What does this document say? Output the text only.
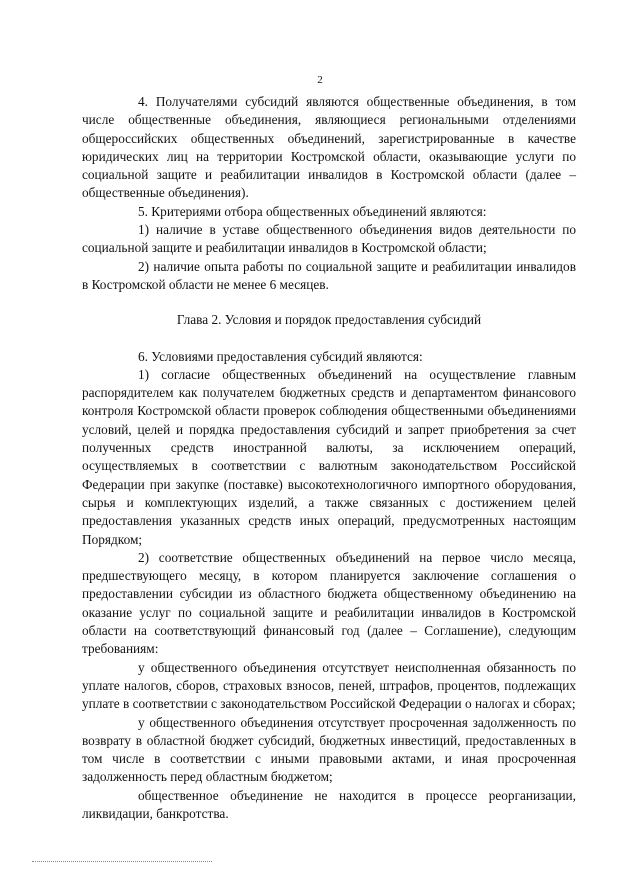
2

4. Получателями субсидий являются общественные объединения, в том числе общественные объединения, являющиеся региональными отделениями общероссийских общественных объединений, зарегистрированные в качестве юридических лиц на территории Костромской области, оказывающие услуги по социальной защите и реабилитации инвалидов в Костромской области (далее – общественные объединения).

5. Критериями отбора общественных объединений являются:

1) наличие в уставе общественного объединения видов деятельности по социальной защите и реабилитации инвалидов в Костромской области;

2) наличие опыта работы по социальной защите и реабилитации инвалидов в Костромской области не менее 6 месяцев.

Глава 2. Условия и порядок предоставления субсидий

6. Условиями предоставления субсидий являются:

1) согласие общественных объединений на осуществление главным распорядителем как получателем бюджетных средств и департаментом финансового контроля Костромской области проверок соблюдения общественными объединениями условий, целей и порядка предоставления субсидий и запрет приобретения за счет полученных средств иностранной валюты, за исключением операций, осуществляемых в соответствии с валютным законодательством Российской Федерации при закупке (поставке) высокотехнологичного импортного оборудования, сырья и комплектующих изделий, а также связанных с достижением целей предоставления указанных средств иных операций, предусмотренных настоящим Порядком;

2) соответствие общественных объединений на первое число месяца, предшествующего месяцу, в котором планируется заключение соглашения о предоставлении субсидии из областного бюджета общественному объединению на оказание услуг по социальной защите и реабилитации инвалидов в Костромской области на соответствующий финансовый год (далее – Соглашение), следующим требованиям:

у общественного объединения отсутствует неисполненная обязанность по уплате налогов, сборов, страховых взносов, пеней, штрафов, процентов, подлежащих уплате в соответствии с законодательством Российской Федерации о налогах и сборах;

у общественного объединения отсутствует просроченная задолженность по возврату в областной бюджет субсидий, бюджетных инвестиций, предоставленных в том числе в соответствии с иными правовыми актами, и иная просроченная задолженность перед областным бюджетом;

общественное объединение не находится в процессе реорганизации, ликвидации, банкротства.
